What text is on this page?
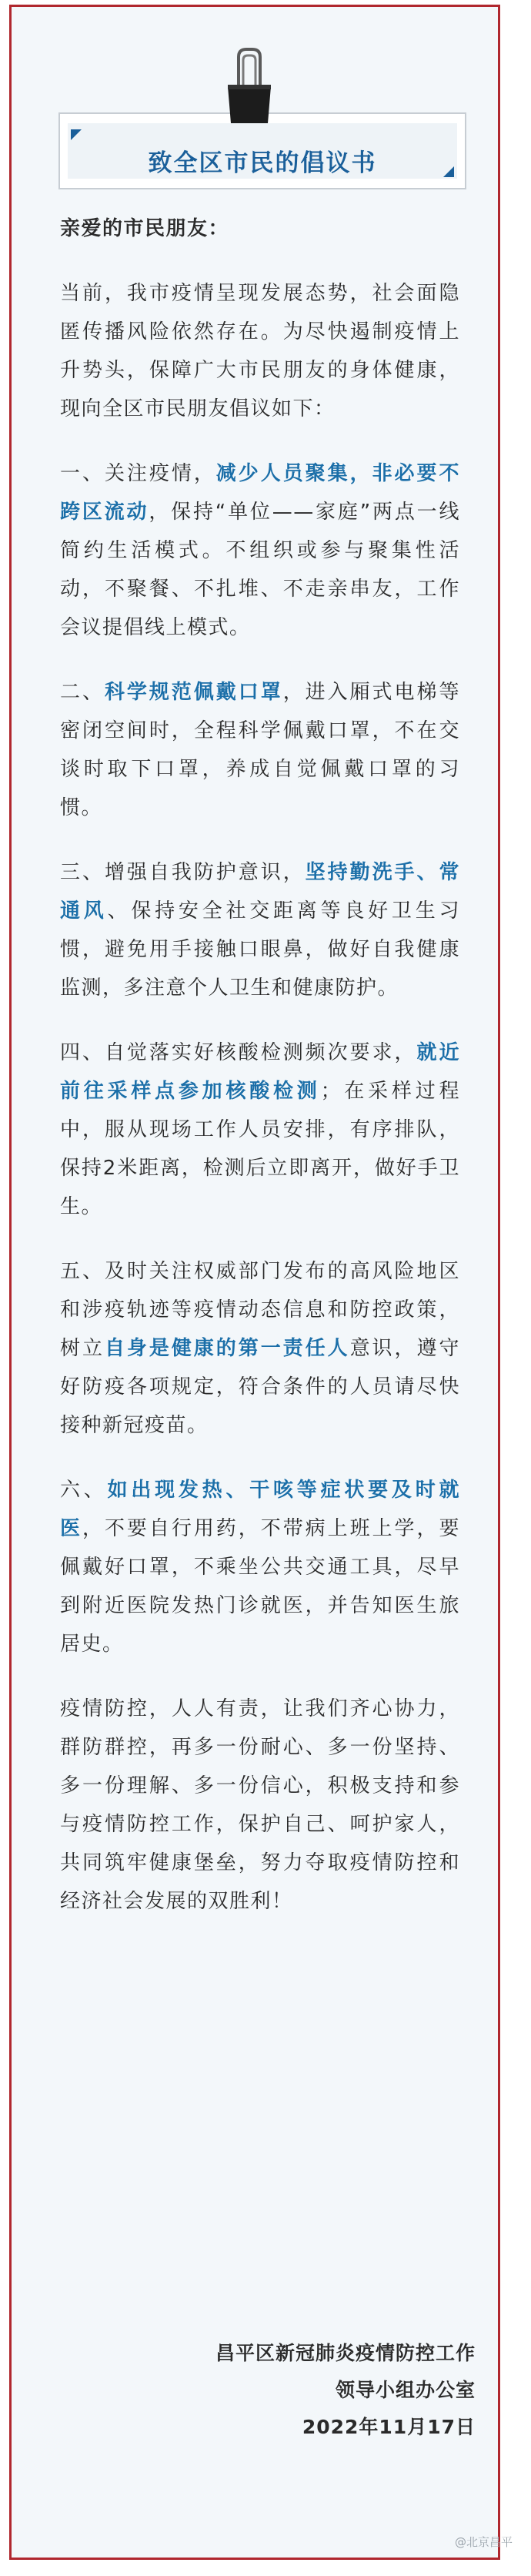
致全区市民的倡议书

亲爱的市民朋友：

当前，我市疫情呈现发展态势，社会面隐匿传播风险依然存在。为尽快遏制疫情上升势头，保障广大市民朋友的身体健康，现向全区市民朋友倡议如下：

一、关注疫情，减少人员聚集，非必要不跨区流动，保持“单位——家庭”两点一线简约生活模式。不组织或参与聚集性活动，不聚餐、不扎堆、不走亲串友，工作会议提倡线上模式。

二、科学规范佩戴口罩，进入厢式电梯等密闭空间时，全程科学佩戴口罩，不在交谈时取下口罩，养成自觉佩戴口罩的习惯。

三、增强自我防护意识，坚持勤洗手、常通风、保持安全社交距离等良好卫生习惯，避免用手接触口眼鼻，做好自我健康监测，多注意个人卫生和健康防护。

四、自觉落实好核酸检测频次要求，就近前往采样点参加核酸检测；在采样过程中，服从现场工作人员安排，有序排队，保持2米距离，检测后立即离开，做好手卫生。

五、及时关注权威部门发布的高风险地区和涉疫轨迹等疫情动态信息和防控政策，树立自身是健康的第一责任人意识，遵守好防疫各项规定，符合条件的人员请尽快接种新冠疫苗。

六、如出现发热、干咳等症状要及时就医，不要自行用药，不带病上班上学，要佩戴好口罩，不乘坐公共交通工具，尽早到附近医院发热门诊就医，并告知医生旅居史。

疫情防控，人人有责，让我们齐心协力，群防群控，再多一份耐心、多一份坚持、多一份理解、多一份信心，积极支持和参与疫情防控工作，保护自己、呵护家人，共同筑牢健康堡垒，努力夺取疫情防控和经济社会发展的双胜利！

昌平区新冠肺炎疫情防控工作
领导小组办公室
2022年11月17日
@北京昌平
